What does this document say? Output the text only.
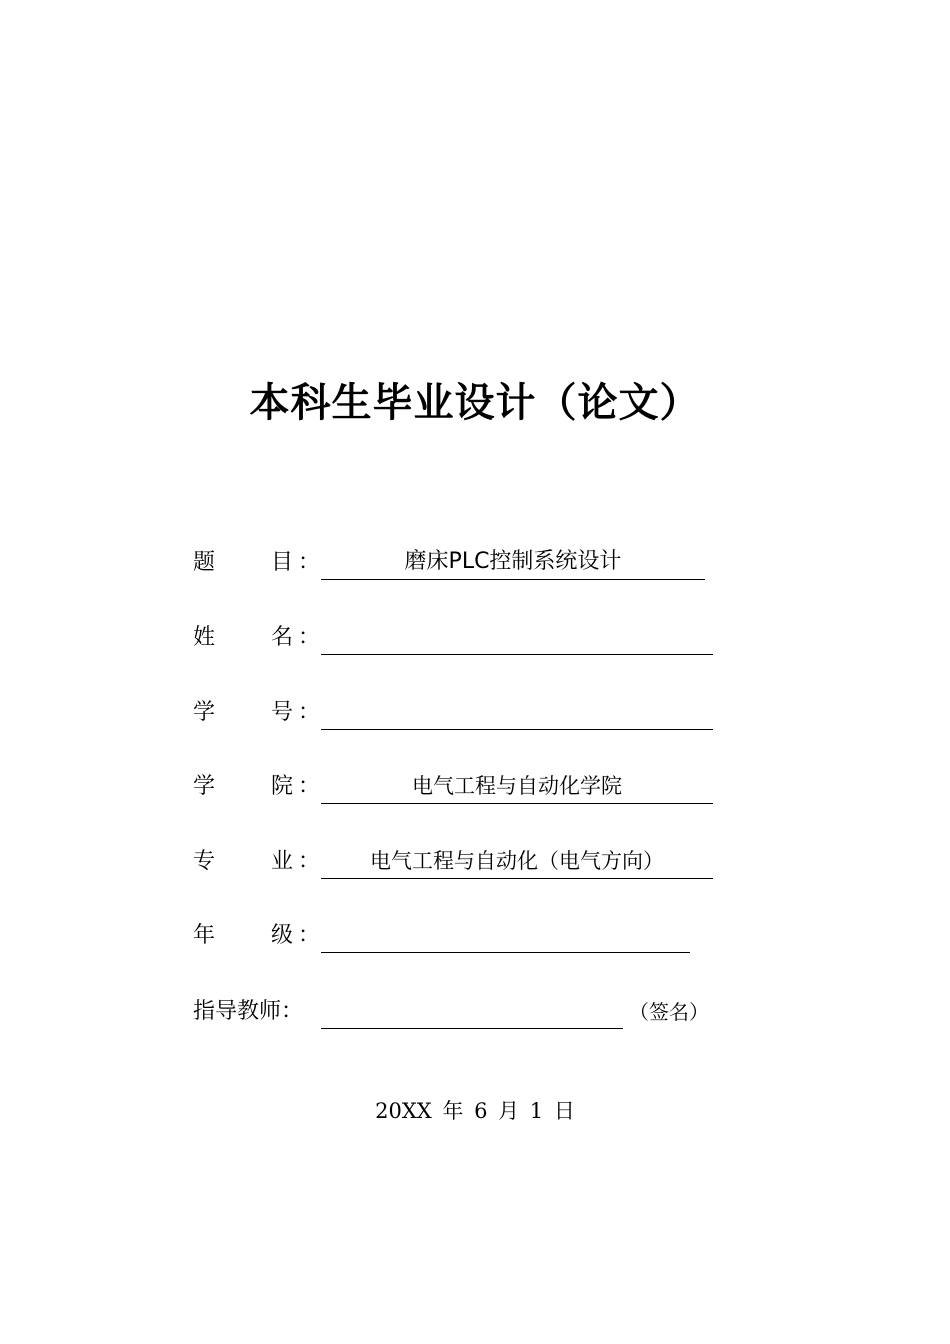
本科生毕业设计（论文）
题	目 ：	磨床PLC控制系统设计
姓	名 ：
学	号 ：
学	院 ：	电气工程与自动化学院
专	业 ：	电气工程与自动化（电气方向）
年	级 ：
指导教师：	（签名）
20XX 年 6 月 1 日
